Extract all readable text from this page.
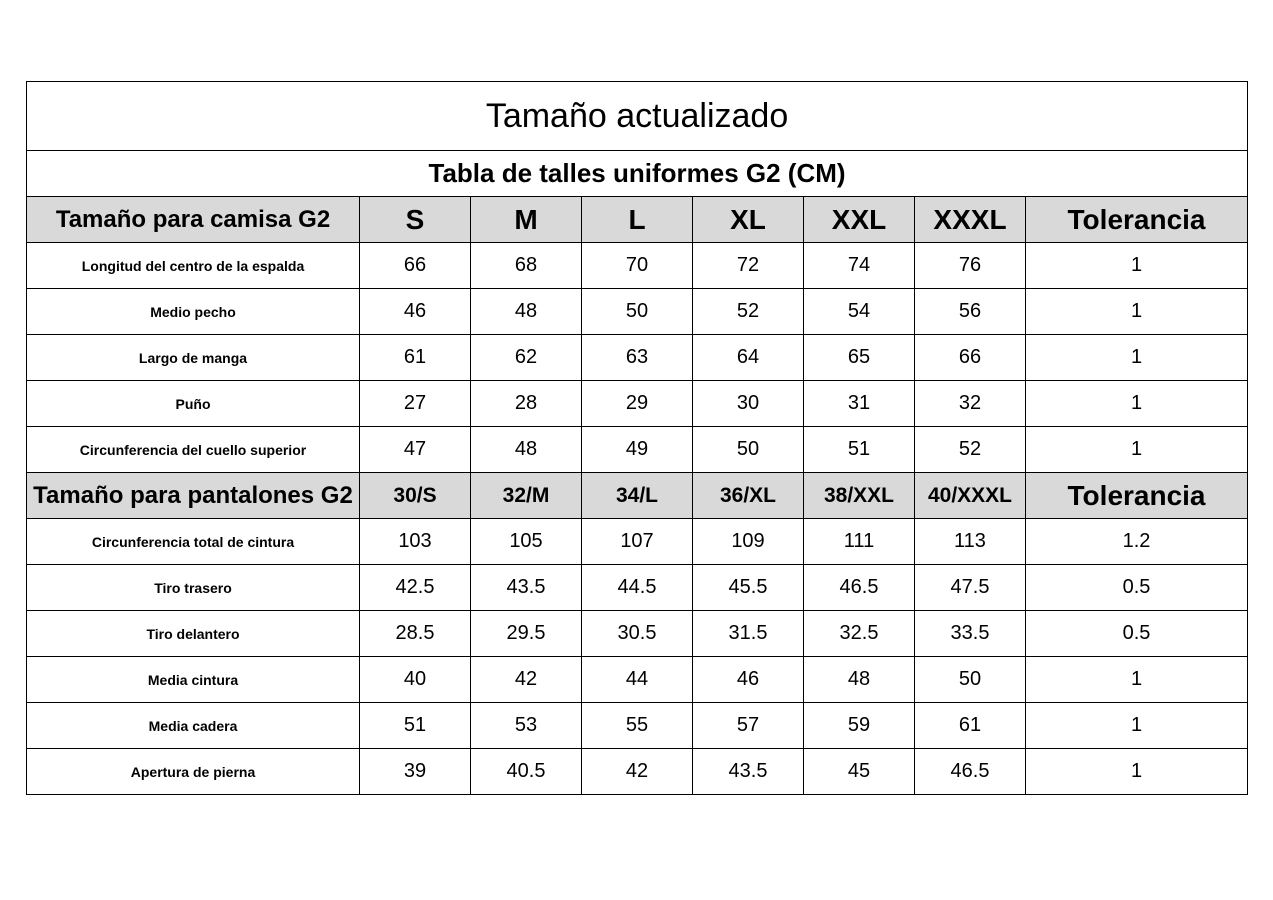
Tamaño actualizado							
Tabla de talles uniformes G2 (CM)							
Tamaño para camisa G2	S	M	L	XL	XXL	XXXL	Tolerancia
Longitud del centro de la espalda	66	68	70	72	74	76	1
Medio pecho	46	48	50	52	54	56	1
Largo de manga	61	62	63	64	65	66	1
Puño	27	28	29	30	31	32	1
Circunferencia del cuello superior	47	48	49	50	51	52	1
Tamaño para pantalones G2	30/S	32/M	34/L	36/XL	38/XXL	40/XXXL	Tolerancia
Circunferencia total de cintura	103	105	107	109	111	113	1.2
Tiro trasero	42.5	43.5	44.5	45.5	46.5	47.5	0.5
Tiro delantero	28.5	29.5	30.5	31.5	32.5	33.5	0.5
Media cintura	40	42	44	46	48	50	1
Media cadera	51	53	55	57	59	61	1
Apertura de pierna	39	40.5	42	43.5	45	46.5	1
